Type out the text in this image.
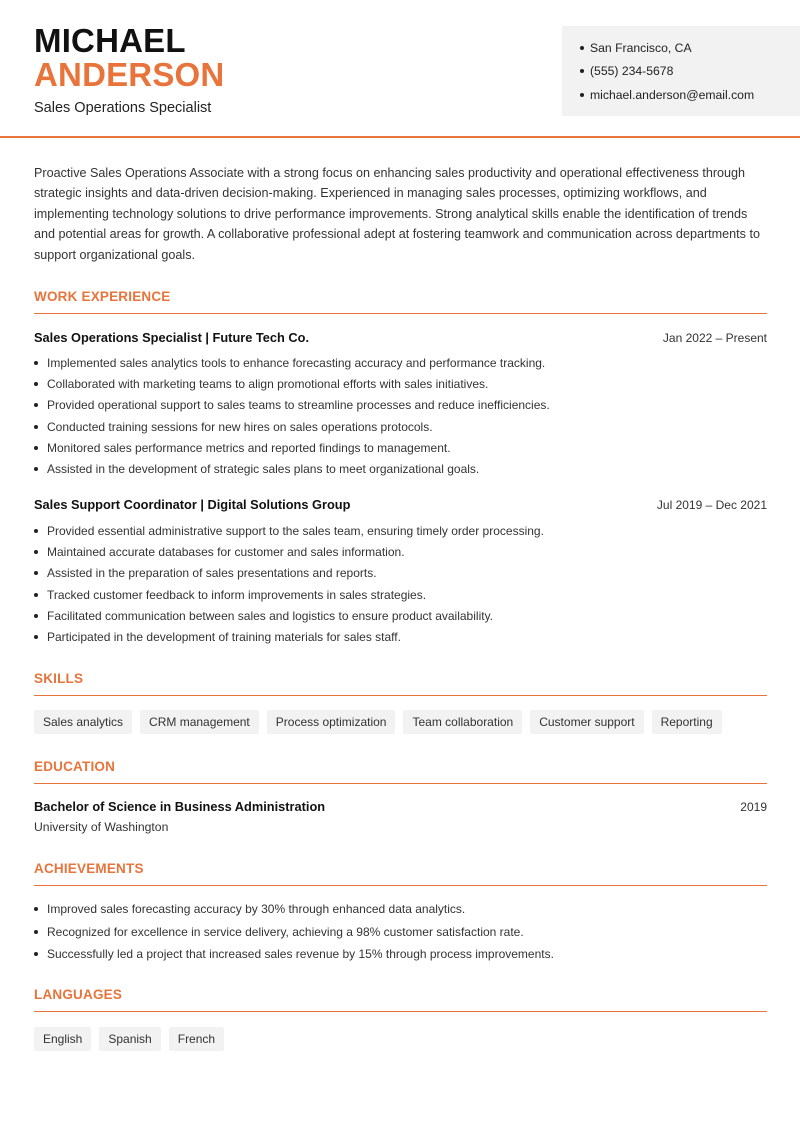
MICHAEL
ANDERSON
Sales Operations Specialist
San Francisco, CA
(555) 234-5678
michael.anderson@email.com

Proactive Sales Operations Associate with a strong focus on enhancing sales productivity and operational effectiveness through strategic insights and data-driven decision-making. Experienced in managing sales processes, optimizing workflows, and implementing technology solutions to drive performance improvements. Strong analytical skills enable the identification of trends and potential areas for growth. A collaborative professional adept at fostering teamwork and communication across departments to support organizational goals.

WORK EXPERIENCE
Sales Operations Specialist | Future Tech Co.	Jan 2022 – Present
Implemented sales analytics tools to enhance forecasting accuracy and performance tracking.
Collaborated with marketing teams to align promotional efforts with sales initiatives.
Provided operational support to sales teams to streamline processes and reduce inefficiencies.
Conducted training sessions for new hires on sales operations protocols.
Monitored sales performance metrics and reported findings to management.
Assisted in the development of strategic sales plans to meet organizational goals.
Sales Support Coordinator | Digital Solutions Group	Jul 2019 – Dec 2021
Provided essential administrative support to the sales team, ensuring timely order processing.
Maintained accurate databases for customer and sales information.
Assisted in the preparation of sales presentations and reports.
Tracked customer feedback to inform improvements in sales strategies.
Facilitated communication between sales and logistics to ensure product availability.
Participated in the development of training materials for sales staff.
SKILLS
Sales analytics	CRM management	Process optimization	Team collaboration	Customer support	Reporting
EDUCATION
Bachelor of Science in Business Administration	2019
University of Washington
ACHIEVEMENTS
Improved sales forecasting accuracy by 30% through enhanced data analytics.
Recognized for excellence in service delivery, achieving a 98% customer satisfaction rate.
Successfully led a project that increased sales revenue by 15% through process improvements.
LANGUAGES
English	Spanish	French
